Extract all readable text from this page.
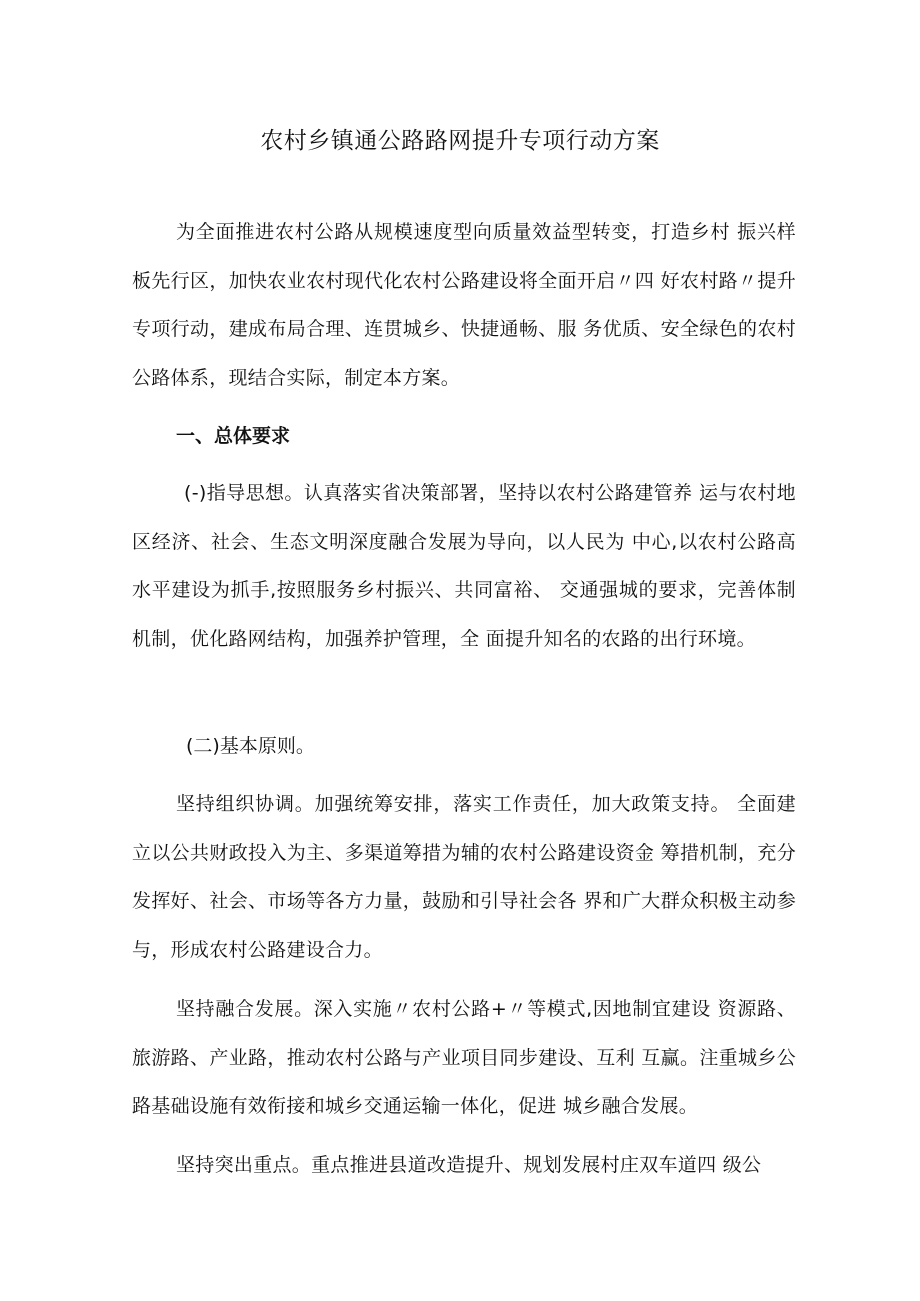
农村乡镇通公路路网提升专项行动方案

为全面推进农村公路从规模速度型向质量效益型转变，打造乡村 振兴样板先行区，加快农业农村现代化农村公路建设将全面开启〃四 好农村路〃提升专项行动，建成布局合理、连贯城乡、快捷通畅、服 务优质、安全绿色的农村公路体系，现结合实际，制定本方案。

一、总体要求

(-)指导思想。认真落实省决策部署，坚持以农村公路建管养 运与农村地区经济、社会、生态文明深度融合发展为导向，以人民为 中心,以农村公路高水平建设为抓手,按照服务乡村振兴、共同富裕、 交通强城的要求，完善体制机制，优化路网结构，加强养护管理，全 面提升知名的农路的出行环境。

(二)基本原则。

坚持组织协调。加强统筹安排，落实工作责任，加大政策支持。 全面建立以公共财政投入为主、多渠道筹措为辅的农村公路建设资金 筹措机制，充分发挥好、社会、市场等各方力量，鼓励和引导社会各 界和广大群众积极主动参与，形成农村公路建设合力。

坚持融合发展。深入实施〃农村公路+〃等模式,因地制宜建设 资源路、旅游路、产业路，推动农村公路与产业项目同步建设、互利 互赢。注重城乡公路基础设施有效衔接和城乡交通运输一体化，促进 城乡融合发展。

坚持突出重点。重点推进县道改造提升、规划发展村庄双车道四 级公
